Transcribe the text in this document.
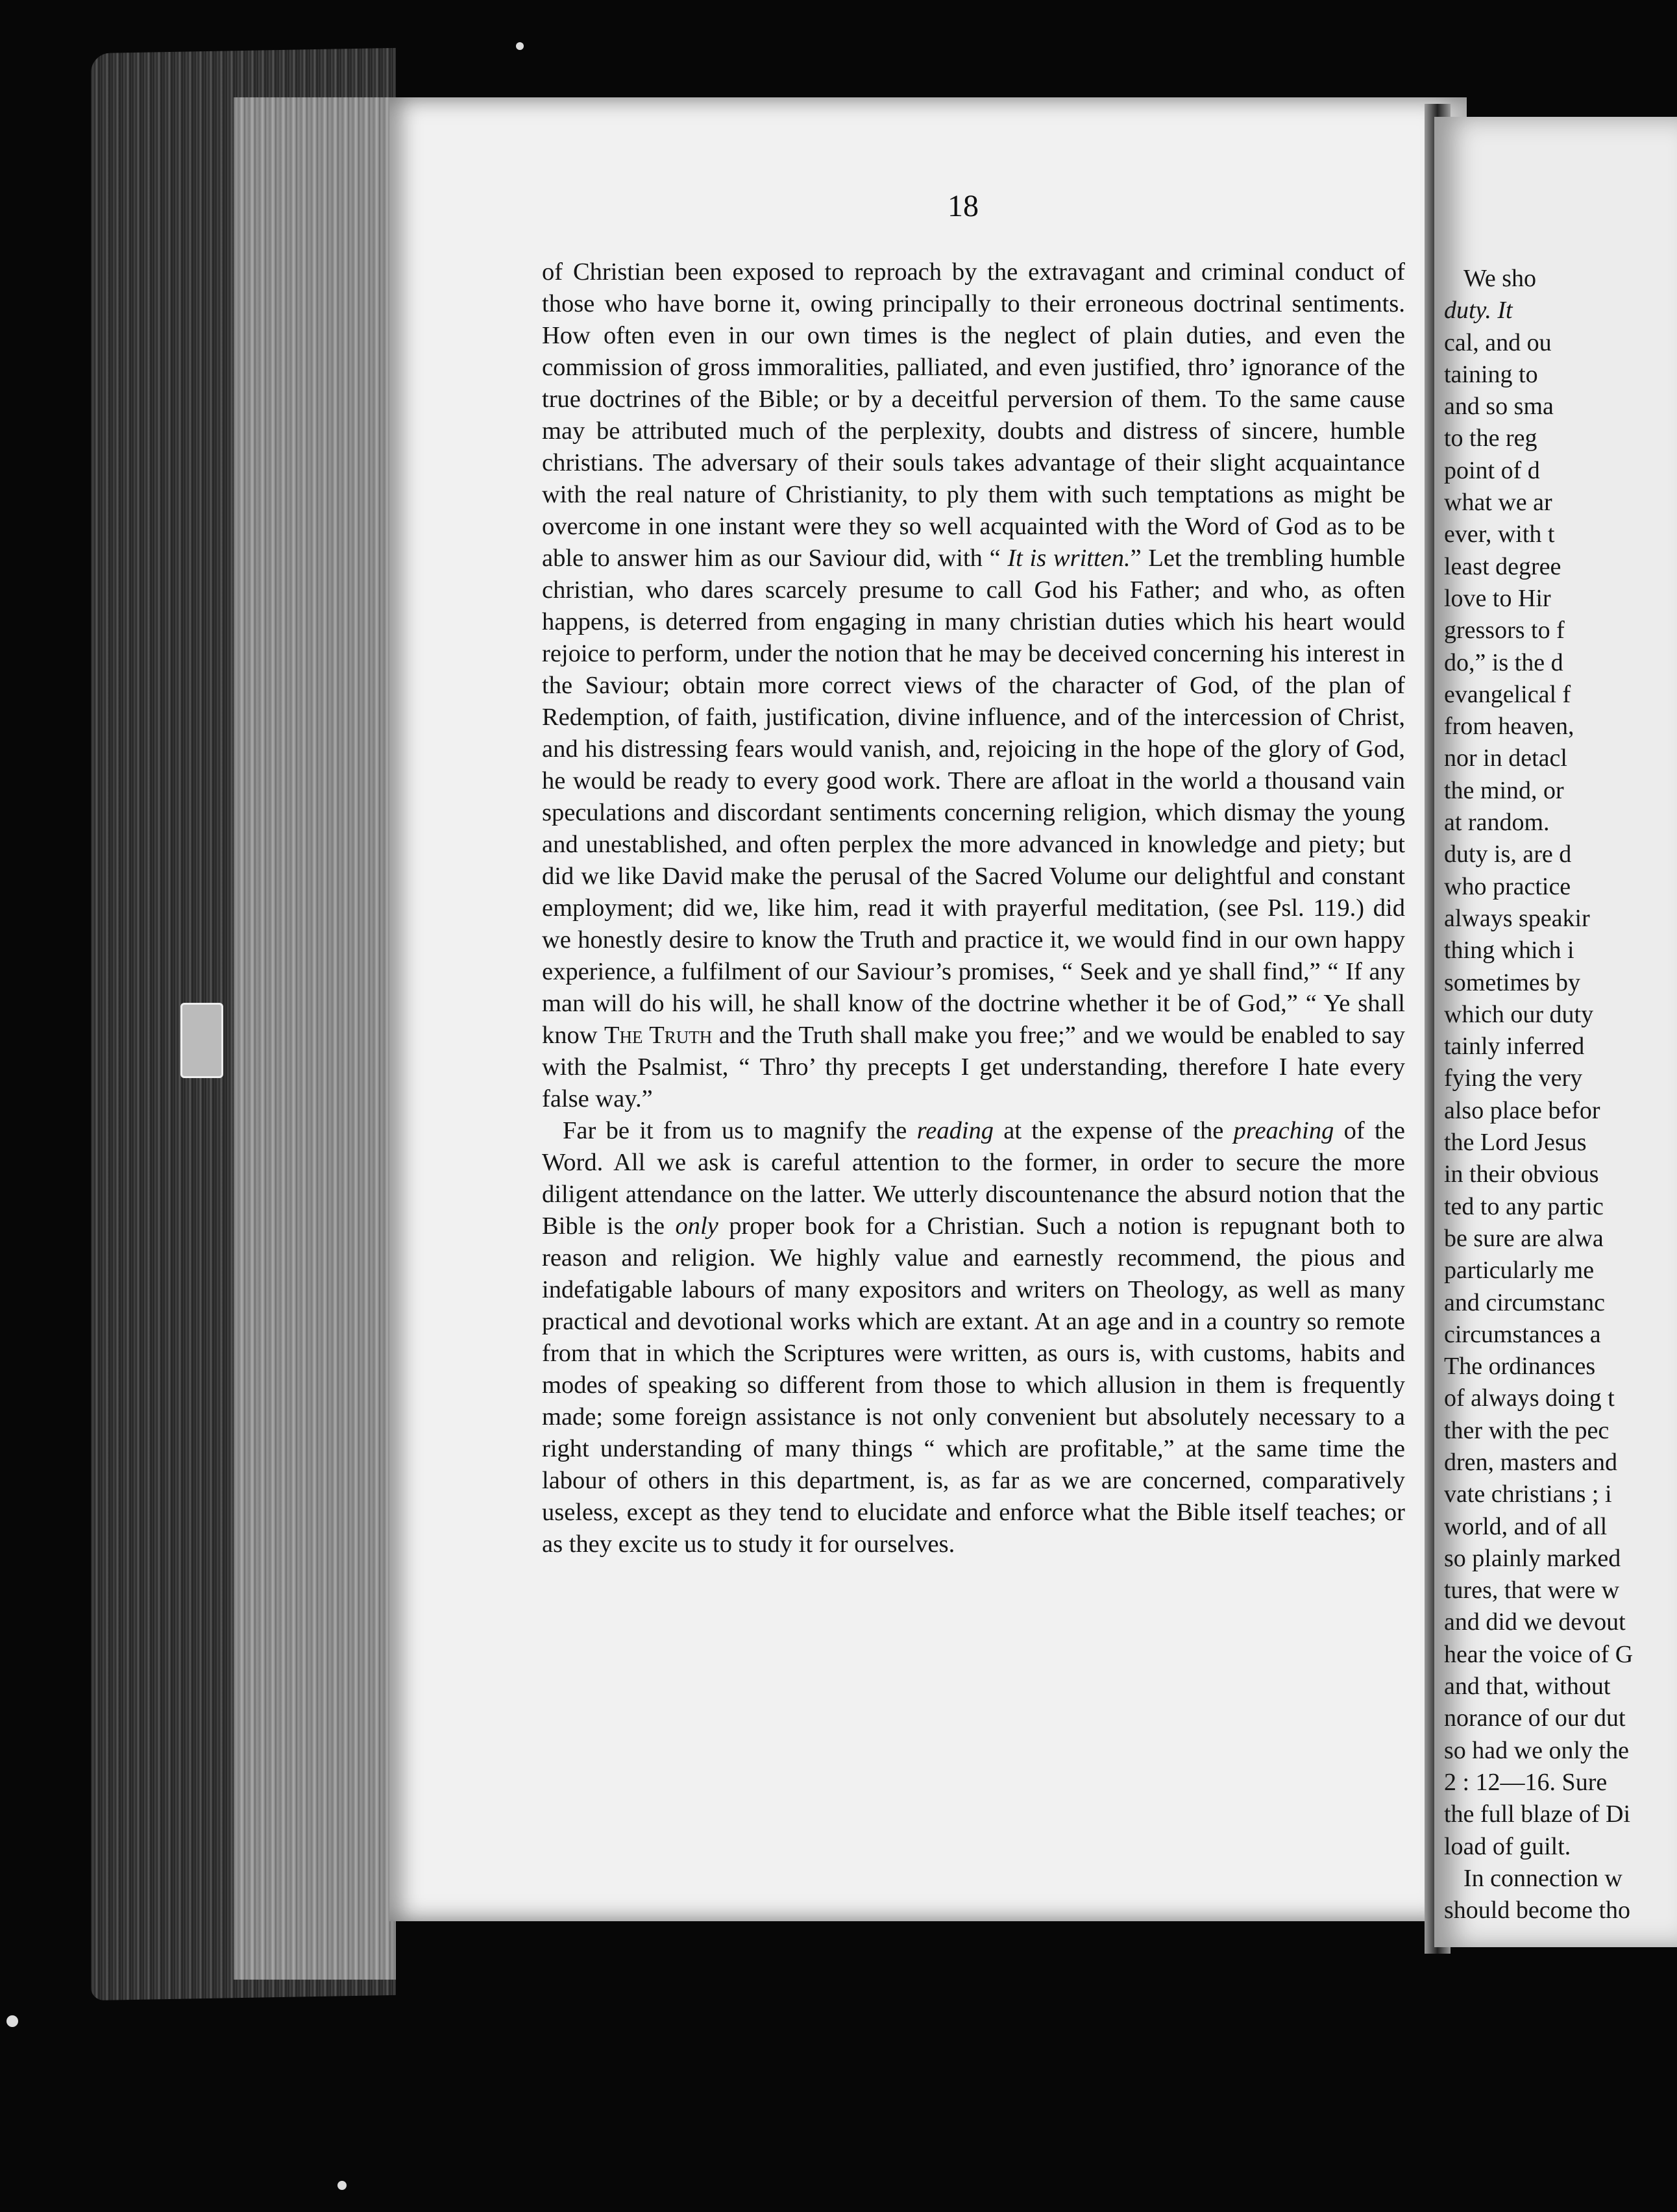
18

of Christian been exposed to reproach by the extravagant and criminal conduct of those who have borne it, owing principally to their erroneous doctrinal sentiments. How often even in our own times is the neglect of plain duties, and even the commission of gross immoralities, palliated, and even justified, thro’ ignorance of the true doctrines of the Bible; or by a deceitful perversion of them. To the same cause may be attributed much of the perplexity, doubts and distress of sincere, humble christians. The adversary of their souls takes advantage of their slight acquaintance with the real nature of Christianity, to ply them with such temptations as might be overcome in one instant were they so well acquainted with the Word of God as to be able to answer him as our Saviour did, with “ It is written.” Let the trembling humble christian, who dares scarcely presume to call God his Father; and who, as often happens, is deterred from engaging in many christian duties which his heart would rejoice to perform, under the notion that he may be deceived concerning his interest in the Saviour; obtain more correct views of the character of God, of the plan of Redemption, of faith, justification, divine influence, and of the intercession of Christ, and his distressing fears would vanish, and, rejoicing in the hope of the glory of God, he would be ready to every good work. There are afloat in the world a thousand vain speculations and discordant sentiments concerning religion, which dismay the young and unestablished, and often perplex the more advanced in knowledge and piety; but did we like David make the perusal of the Sacred Volume our delightful and constant employment; did we, like him, read it with prayerful meditation, (see Psl. 119.) did we honestly desire to know the Truth and practice it, we would find in our own happy experience, a fulfilment of our Saviour’s promises, “ Seek and ye shall find,” “ If any man will do his will, he shall know of the doctrine whether it be of God,” “ Ye shall know The Truth and the Truth shall make you free;” and we would be enabled to say with the Psalmist, “ Thro’ thy precepts I get understanding, therefore I hate every false way.”

Far be it from us to magnify the reading at the expense of the preaching of the Word. All we ask is careful attention to the former, in order to secure the more diligent attendance on the latter. We utterly discountenance the absurd notion that the Bible is the only proper book for a Christian. Such a notion is repugnant both to reason and religion. We highly value and earnestly recommend, the pious and indefatigable labours of many expositors and writers on Theology, as well as many practical and devotional works which are extant. At an age and in a country so remote from that in which the Scriptures were written, as ours is, with customs, habits and modes of speaking so different from those to which allusion in them is frequently made; some foreign assistance is not only convenient but absolutely necessary to a right understanding of many things “ which are profitable,” at the same time the labour of others in this department, is, as far as we are concerned, comparatively useless, except as they tend to elucidate and enforce what the Bible itself teaches; or as they excite us to study it for ourselves.

We sho
duty. It
cal, and ou
taining to
and so sma
to the reg
point of d
what we ar
ever, with t
least degree
love to Hir
gressors to f
do,” is the d
evangelical f
from heaven,
nor in detacl
the mind, or
at random.
duty is, are d
who practice
always speakir
thing which i
sometimes by
which our duty
tainly inferred
fying the very
also place befor
the Lord Jesus
in their obvious
ted to any partic
be sure are alwa
particularly me
and circumstanc
circumstances a
The ordinances
of always doing t
ther with the pec
dren, masters and
vate christians ; i
world, and of all
so plainly marked
tures, that were w
and did we devout
hear the voice of G
and that, without
norance of our dut
so had we only the
2 : 12—16. Sure
the full blaze of Di
load of guilt.
In connection w
should become tho
